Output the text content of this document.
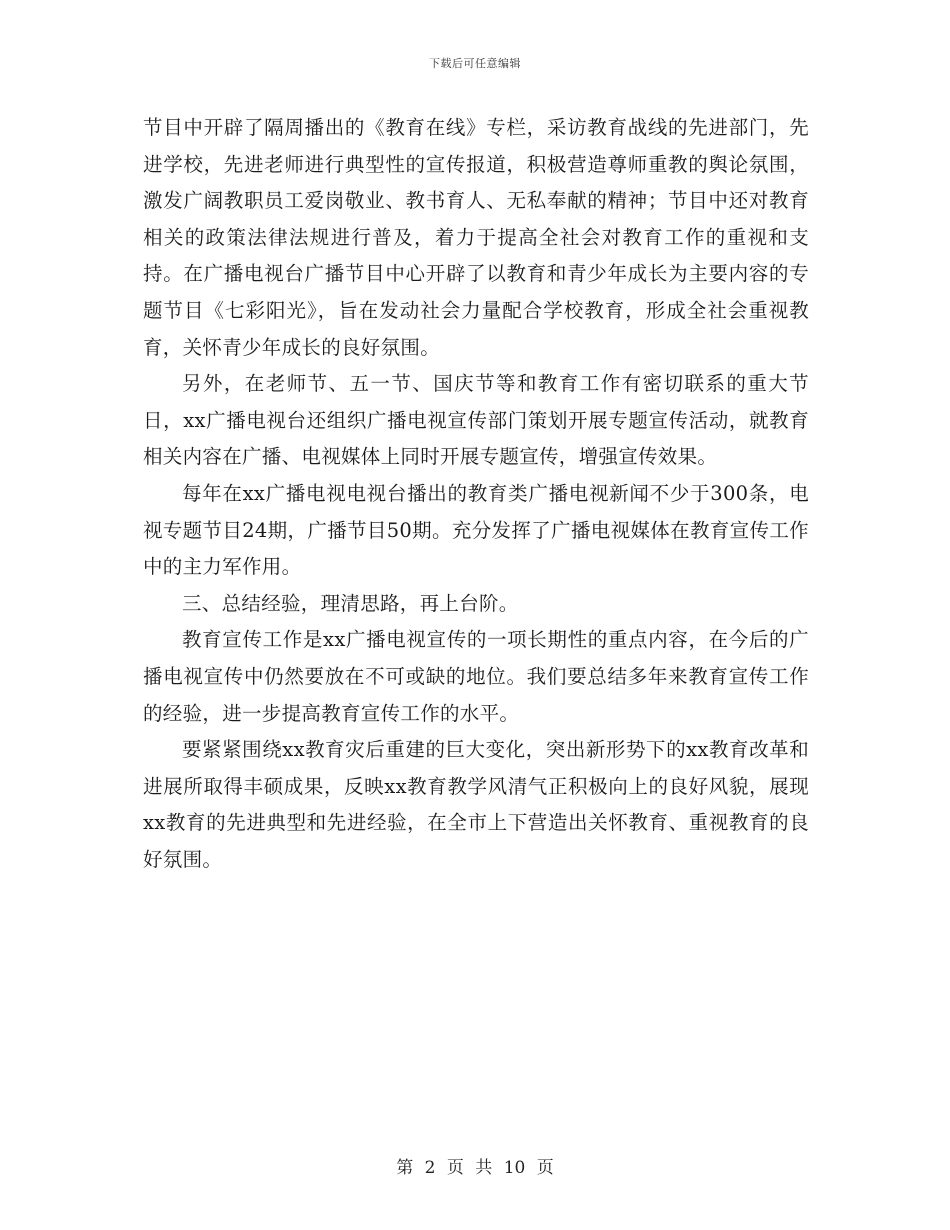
下载后可任意编辑

节目中开辟了隔周播出的《教育在线》专栏，采访教育战线的先进部门，先进学校，先进老师进行典型性的宣传报道，积极营造尊师重教的舆论氛围，激发广阔教职员工爱岗敬业、教书育人、无私奉献的精神；节目中还对教育相关的政策法律法规进行普及，着力于提高全社会对教育工作的重视和支持。在广播电视台广播节目中心开辟了以教育和青少年成长为主要内容的专题节目《七彩阳光》，旨在发动社会力量配合学校教育，形成全社会重视教育，关怀青少年成长的良好氛围。

另外，在老师节、五一节、国庆节等和教育工作有密切联系的重大节日，xx广播电视台还组织广播电视宣传部门策划开展专题宣传活动，就教育相关内容在广播、电视媒体上同时开展专题宣传，增强宣传效果。

每年在xx广播电视电视台播出的教育类广播电视新闻不少于300条，电视专题节目24期，广播节目50期。充分发挥了广播电视媒体在教育宣传工作中的主力军作用。

三、总结经验，理清思路，再上台阶。

教育宣传工作是xx广播电视宣传的一项长期性的重点内容，在今后的广播电视宣传中仍然要放在不可或缺的地位。我们要总结多年来教育宣传工作的经验，进一步提高教育宣传工作的水平。

要紧紧围绕xx教育灾后重建的巨大变化，突出新形势下的xx教育改革和进展所取得丰硕成果，反映xx教育教学风清气正积极向上的良好风貌，展现xx教育的先进典型和先进经验，在全市上下营造出关怀教育、重视教育的良好氛围。

第 2 页 共 10 页
